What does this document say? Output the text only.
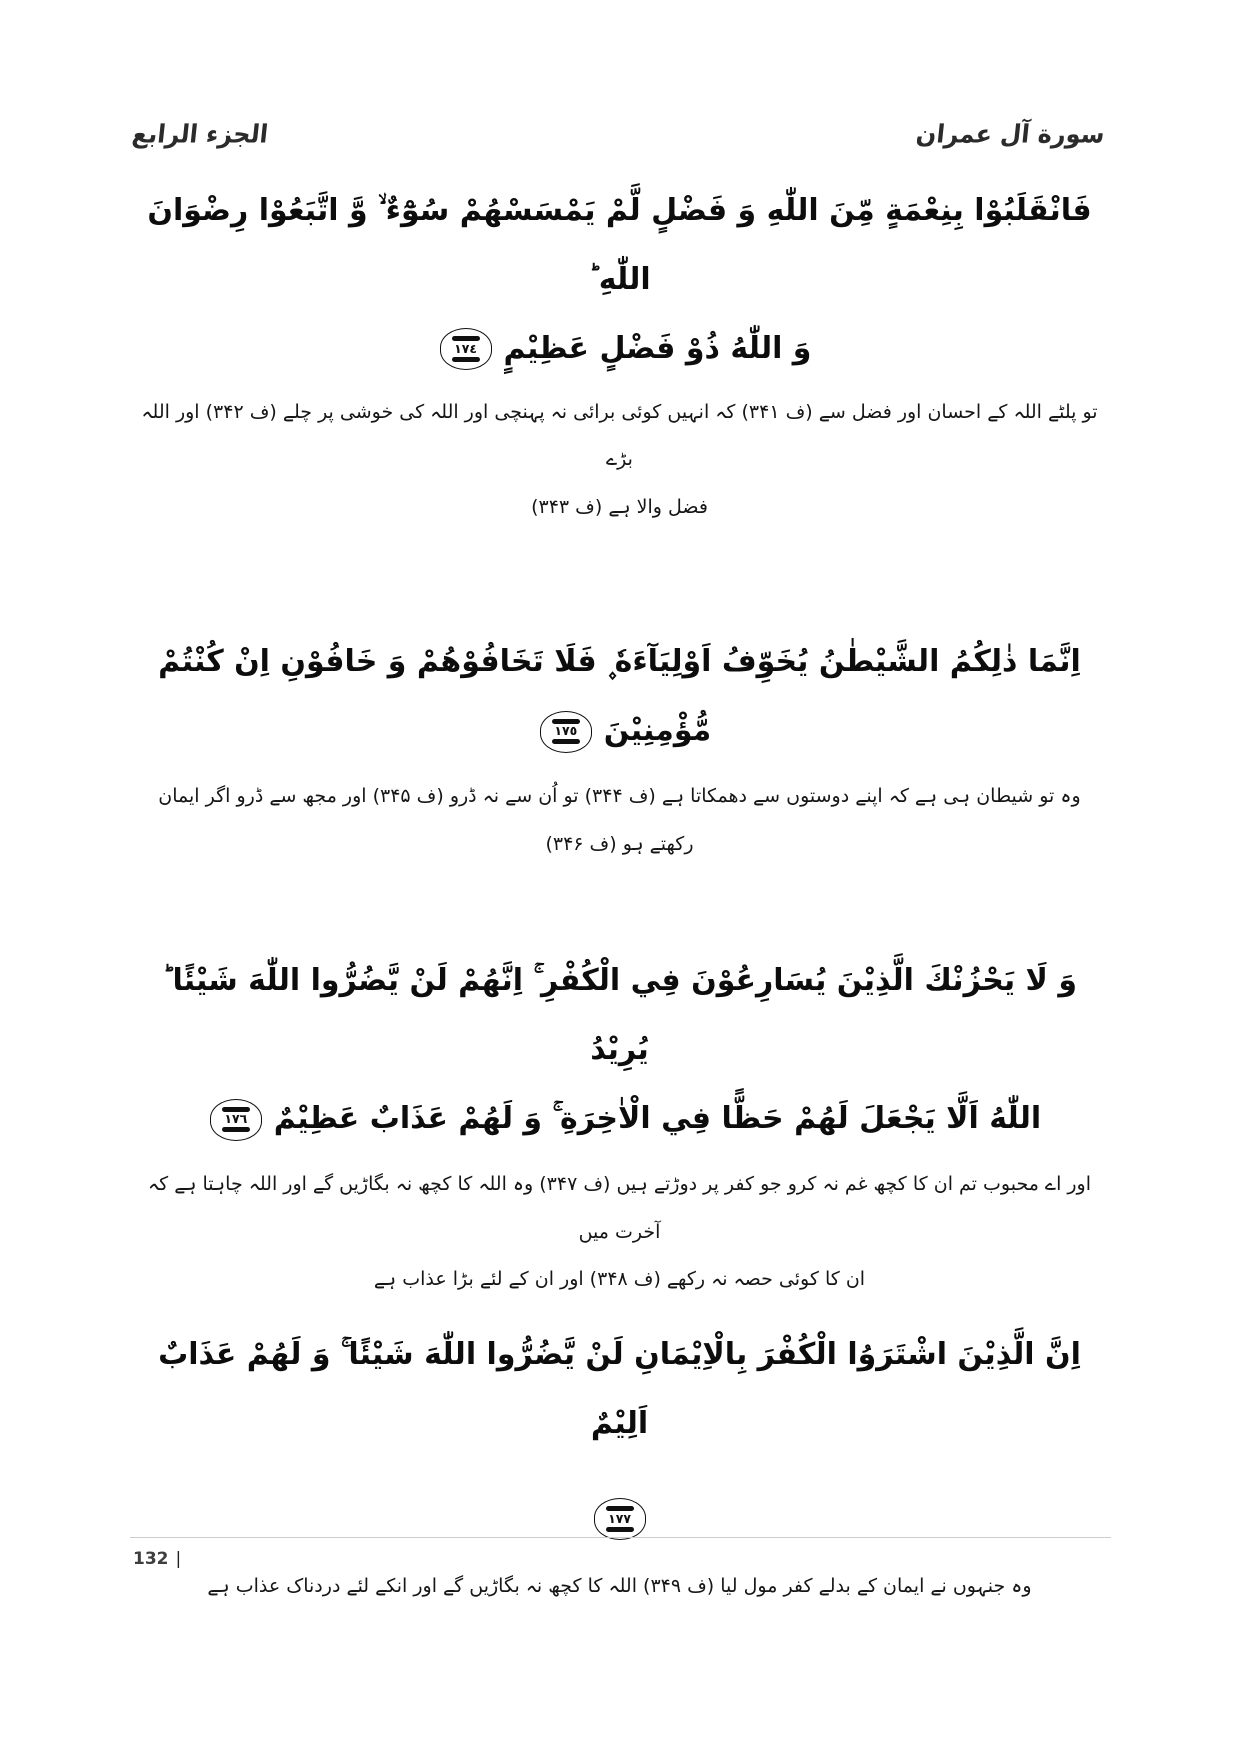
الجزء الرابع	سورة آل عمران
فَانْقَلَبُوْا بِنِعْمَةٍ مِّنَ اللّٰهِ وَ فَضْلٍ لَّمْ يَمْسَسْهُمْ سُوْٓءٌ ۙ وَّ اتَّبَعُوْا رِضْوَانَ اللّٰهِ ؕ
وَ اللّٰهُ ذُوْ فَضْلٍ عَظِيْمٍ
١٧٤
تو پلٹے اللہ کے احسان اور فضل سے (ف ۳۴۱) کہ انہیں کوئی برائی نہ پہنچی اور اللہ کی خوشی پر چلے (ف ۳۴۲) اور اللہ بڑے
فضل والا ہے (ف ۳۴۳)
اِنَّمَا ذٰلِكُمُ الشَّيْطٰنُ يُخَوِّفُ اَوْلِيَآءَهٗ ۪ فَلَا تَخَافُوْهُمْ وَ خَافُوْنِ اِنْ كُنْتُمْ
مُّؤْمِنِيْنَ
١٧٥
وہ تو شیطان ہی ہے کہ اپنے دوستوں سے دھمکاتا ہے (ف ۳۴۴) تو اُن سے نہ ڈرو (ف ۳۴۵) اور مجھ سے ڈرو اگر ایمان
رکھتے ہو (ف ۳۴۶)
وَ لَا يَحْزُنْكَ الَّذِيْنَ يُسَارِعُوْنَ فِي الْكُفْرِ ۚ اِنَّهُمْ لَنْ يَّضُرُّوا اللّٰهَ شَيْئًا ؕ يُرِيْدُ
اللّٰهُ اَلَّا يَجْعَلَ لَهُمْ حَظًّا فِي الْاٰخِرَةِ ۚ وَ لَهُمْ عَذَابٌ عَظِيْمٌ
١٧٦
اور اے محبوب تم ان کا کچھ غم نہ کرو جو کفر پر دوڑتے ہیں (ف ۳۴۷) وہ اللہ کا کچھ نہ بگاڑیں گے اور اللہ چاہتا ہے کہ آخرت میں
ان کا کوئی حصہ نہ رکھے (ف ۳۴۸) اور ان کے لئے بڑا عذاب ہے
اِنَّ الَّذِيْنَ اشْتَرَوُا الْكُفْرَ بِالْاِيْمَانِ لَنْ يَّضُرُّوا اللّٰهَ شَيْئًا ۚ وَ لَهُمْ عَذَابٌ اَلِيْمٌ
١٧٧
وہ جنہوں نے ایمان کے بدلے کفر مول لیا (ف ۳۴۹) اللہ کا کچھ نہ بگاڑیں گے اور انکے لئے دردناک عذاب ہے
132 |
